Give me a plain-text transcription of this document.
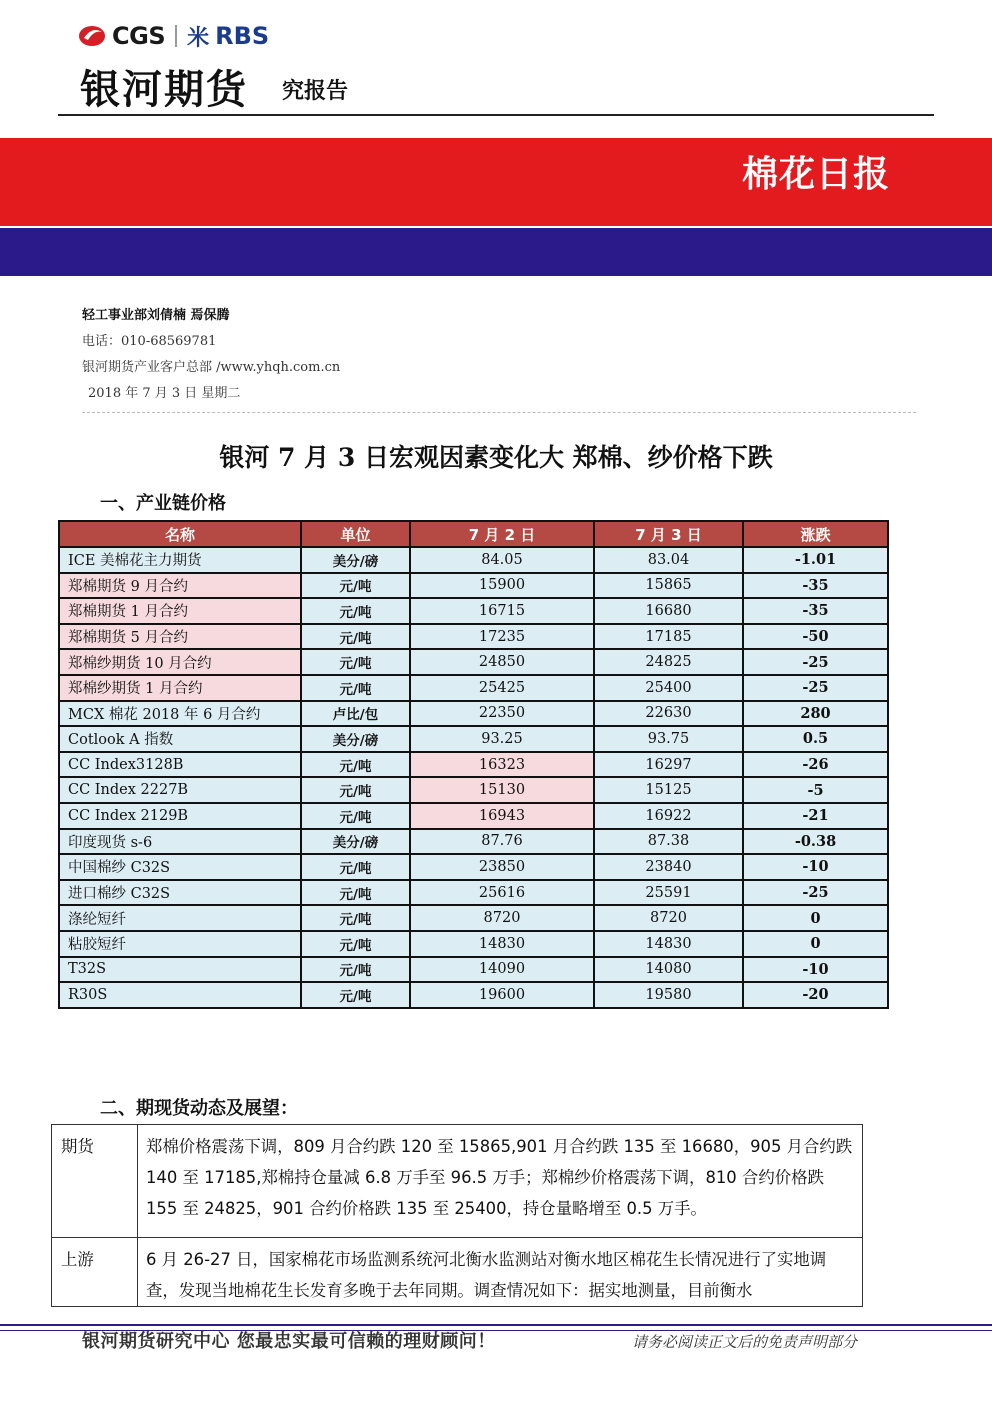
CGS ⽶ RBS
银河期货 究报告
棉花日报
轻工事业部刘倩楠 焉保腾
电话：010-68569781
银河期货产业客户总部 /www.yhqh.com.cn
2018 年 7 月 3 日 星期二
银河 7 月 3 日宏观因素变化大 郑棉、纱价格下跌
一、产业链价格
名称	单位	7 月 2 日	7 月 3 日	涨跌
ICE 美棉花主力期货	美分/磅	84.05	83.04	-1.01
郑棉期货 9 月合约	元/吨	15900	15865	-35
郑棉期货 1 月合约	元/吨	16715	16680	-35
郑棉期货 5 月合约	元/吨	17235	17185	-50
郑棉纱期货 10 月合约	元/吨	24850	24825	-25
郑棉纱期货 1 月合约	元/吨	25425	25400	-25
MCX 棉花 2018 年 6 月合约	卢比/包	22350	22630	280
Cotlook A 指数	美分/磅	93.25	93.75	0.5
CC Index3128B	元/吨	16323	16297	-26
CC Index 2227B	元/吨	15130	15125	-5
CC Index 2129B	元/吨	16943	16922	-21
印度现货 s-6	美分/磅	87.76	87.38	-0.38
中国棉纱 C32S	元/吨	23850	23840	-10
进口棉纱 C32S	元/吨	25616	25591	-25
涤纶短纤	元/吨	8720	8720	0
粘胶短纤	元/吨	14830	14830	0
T32S	元/吨	14090	14080	-10
R30S	元/吨	19600	19580	-20
二、期现货动态及展望：
期货	郑棉价格震荡下调，809 月合约跌 120 至 15865,901 月合约跌 135 至 16680，905 月合约跌 140 至 17185,郑棉持仓量减 6.8 万手至 96.5 万手；郑棉纱价格震荡下调，810 合约价格跌 155 至 24825，901 合约价格跌 135 至 25400，持仓量略增至 0.5 万手。
上游	6 月 26-27 日，国家棉花市场监测系统河北衡水监测站对衡水地区棉花生长情况进行了实地调查，发现当地棉花生长发育多晚于去年同期。调查情况如下：据实地测量，目前衡水
银河期货研究中心 您最忠实最可信赖的理财顾问！	请务必阅读正文后的免责声明部分
